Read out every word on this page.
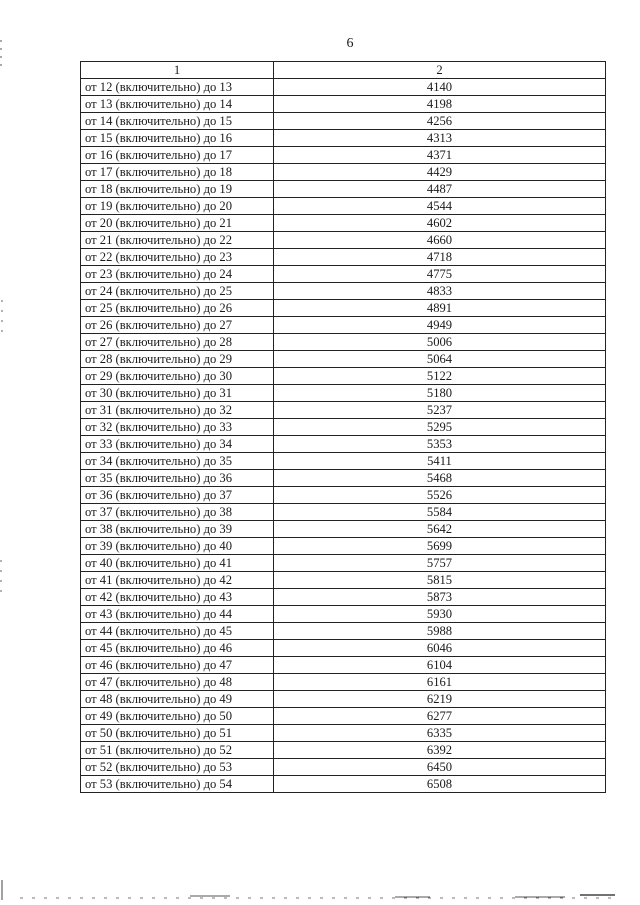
6
1	2
от 12 (включительно) до 13	4140
от 13 (включительно) до 14	4198
от 14 (включительно) до 15	4256
от 15 (включительно) до 16	4313
от 16 (включительно) до 17	4371
от 17 (включительно) до 18	4429
от 18 (включительно) до 19	4487
от 19 (включительно) до 20	4544
от 20 (включительно) до 21	4602
от 21 (включительно) до 22	4660
от 22 (включительно) до 23	4718
от 23 (включительно) до 24	4775
от 24 (включительно) до 25	4833
от 25 (включительно) до 26	4891
от 26 (включительно) до 27	4949
от 27 (включительно) до 28	5006
от 28 (включительно) до 29	5064
от 29 (включительно) до 30	5122
от 30 (включительно) до 31	5180
от 31 (включительно) до 32	5237
от 32 (включительно) до 33	5295
от 33 (включительно) до 34	5353
от 34 (включительно) до 35	5411
от 35 (включительно) до 36	5468
от 36 (включительно) до 37	5526
от 37 (включительно) до 38	5584
от 38 (включительно) до 39	5642
от 39 (включительно) до 40	5699
от 40 (включительно) до 41	5757
от 41 (включительно) до 42	5815
от 42 (включительно) до 43	5873
от 43 (включительно) до 44	5930
от 44 (включительно) до 45	5988
от 45 (включительно) до 46	6046
от 46 (включительно) до 47	6104
от 47 (включительно) до 48	6161
от 48 (включительно) до 49	6219
от 49 (включительно) до 50	6277
от 50 (включительно) до 51	6335
от 51 (включительно) до 52	6392
от 52 (включительно) до 53	6450
от 53 (включительно) до 54	6508
